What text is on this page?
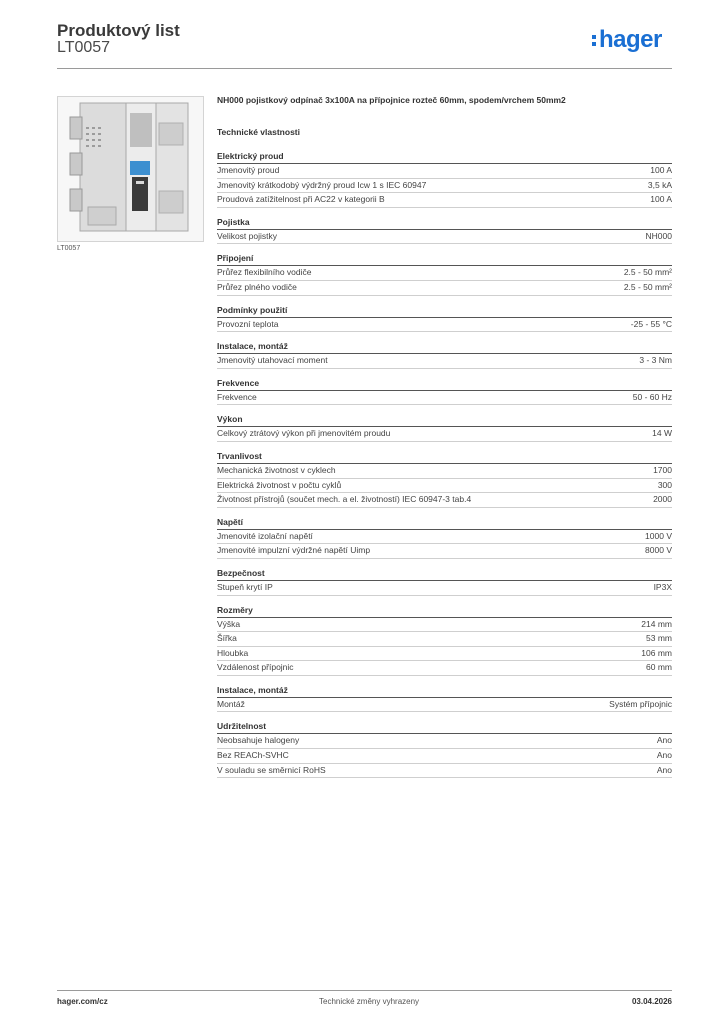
Produktový list
LT0057	hager
LT0057
NH000 pojistkový odpínač 3x100A na přípojnice rozteč 60mm, spodem/vrchem 50mm2
Technické vlastnosti
Elektrický proud
Jmenovitý proud	100 A
Jmenovitý krátkodobý výdržný proud Icw 1 s IEC 60947	3,5 kA
Proudová zatížitelnost při AC22 v kategorii B	100 A
Pojistka
Velikost pojistky	NH000
Připojení
Průřez flexibilního vodiče	2.5 - 50 mm²
Průřez plného vodiče	2.5 - 50 mm²
Podmínky použití
Provozní teplota	-25 - 55 °C
Instalace, montáž
Jmenovitý utahovací moment	3 - 3 Nm
Frekvence
Frekvence	50 - 60 Hz
Výkon
Celkový ztrátový výkon při jmenovitém proudu	14 W
Trvanlivost
Mechanická životnost v cyklech	1700
Elektrická životnost v počtu cyklů	300
Životnost přístrojů (součet mech. a el. životností) IEC 60947-3 tab.4	2000
Napětí
Jmenovité izolační napětí	1000 V
Jmenovité impulzní výdržné napětí Uimp	8000 V
Bezpečnost
Stupeň krytí IP	IP3X
Rozměry
Výška	214 mm
Šířka	53 mm
Hloubka	106 mm
Vzdálenost přípojnic	60 mm
Instalace, montáž
Montáž	Systém přípojnic
Udržitelnost
Neobsahuje halogeny	Ano
Bez REACh-SVHC	Ano
V souladu se směrnicí RoHS	Ano
hager.com/cz	Technické změny vyhrazeny	03.04.2026
